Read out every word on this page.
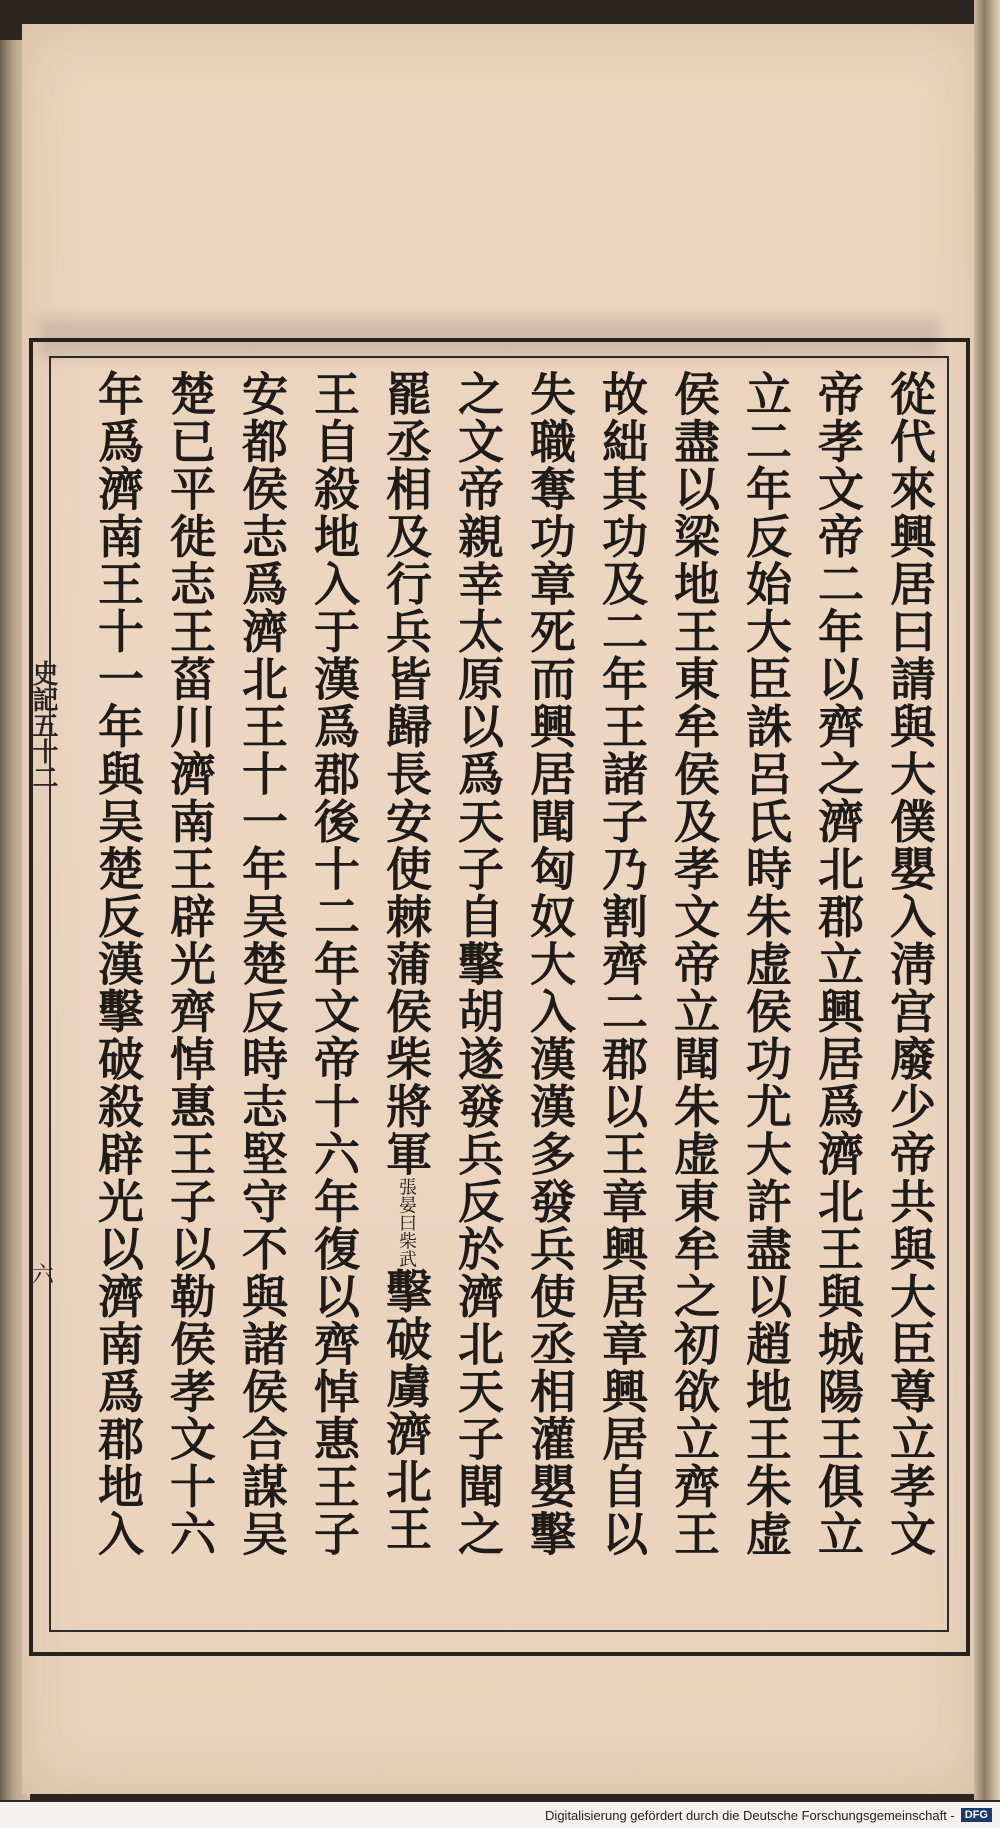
從代來興居曰請與大僕嬰入淸宫廢少帝共與大臣尊立孝文
帝孝文帝二年以齊之濟北郡立興居爲濟北王與城陽王俱立
立二年反始大臣誅呂氏時朱虚侯功尤大許盡以趙地王朱虚
侯盡以梁地王東牟侯及孝文帝立聞朱虚東牟之初欲立齊王
故絀其功及二年王諸子乃割齊二郡以王章興居章興居自以
失職奪功章死而興居聞匈奴大入漢漢多發兵使丞相灌嬰擊
之文帝親幸太原以爲天子自擊胡遂發兵反於濟北天子聞之
罷丞相及行兵皆歸長安使棘蒲侯柴將軍張晏曰柴武擊破虜濟北王
王自殺地入于漢爲郡後十二年文帝十六年復以齊悼惠王子
安都侯志爲濟北王十一年吴楚反時志堅守不與諸侯合謀吴
楚已平徙志王菑川濟南王辟光齊悼惠王子以勒侯孝文十六
年爲濟南王十一年與吴楚反漢擊破殺辟光以濟南爲郡地入
史記五十二
六
Digitalisierung gefördert durch die Deutsche Forschungsgemeinschaft - DFG
